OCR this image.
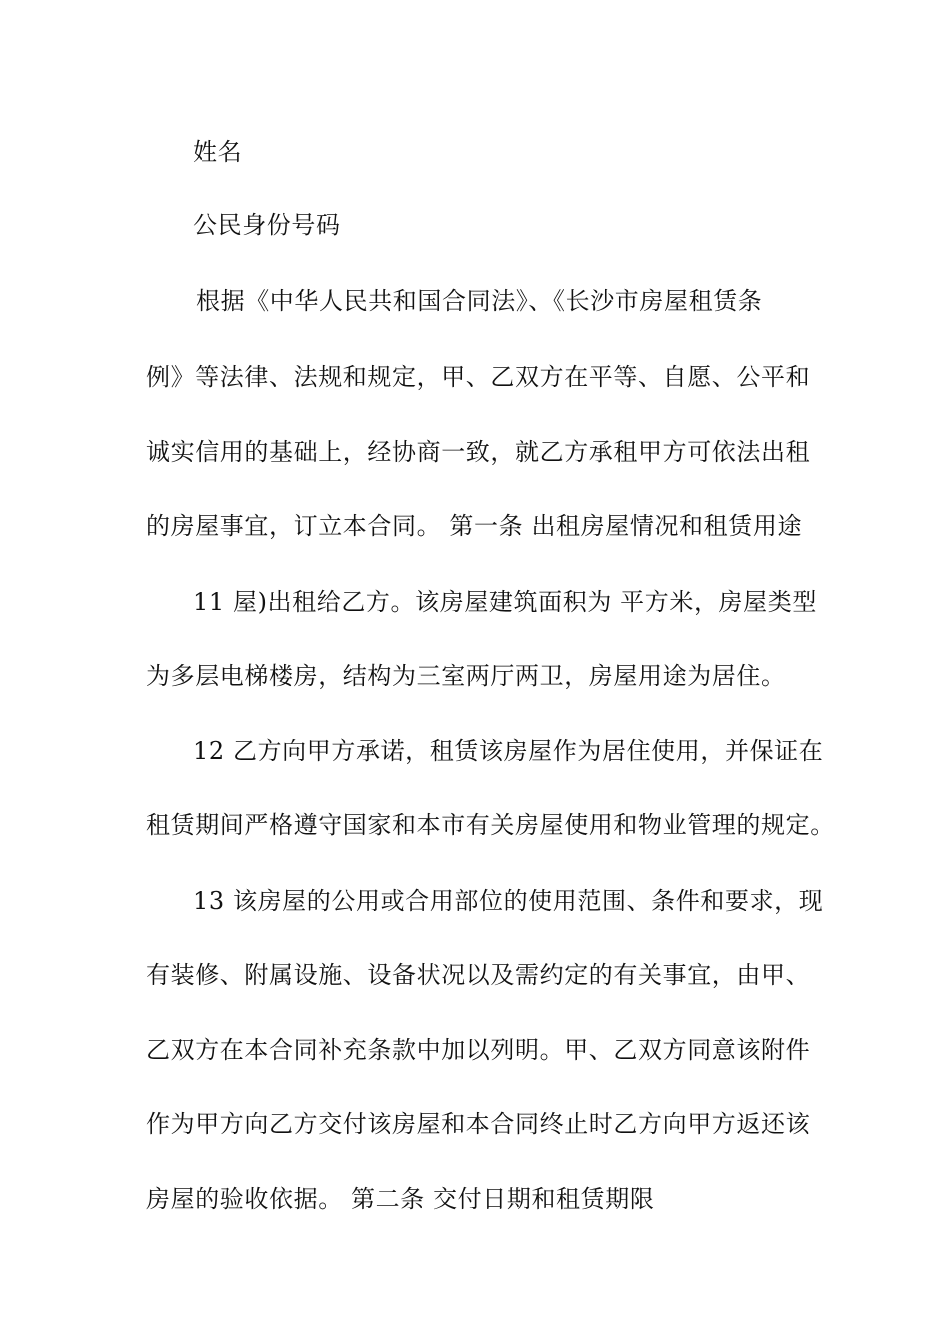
姓名
公民身份号码
根据《中华人民共和国合同法》、《长沙市房屋租赁条
例》等法律、法规和规定，甲、乙双方在平等、自愿、公平和
诚实信用的基础上，经协商一致，就乙方承租甲方可依法出租
的房屋事宜，订立本合同。 第一条 出租房屋情况和租赁用途
11 屋)出租给乙方。该房屋建筑面积为 平方米，房屋类型
为多层电梯楼房，结构为三室两厅两卫，房屋用途为居住。
12 乙方向甲方承诺，租赁该房屋作为居住使用，并保证在
租赁期间严格遵守国家和本市有关房屋使用和物业管理的规定。
13 该房屋的公用或合用部位的使用范围、条件和要求，现
有装修、附属设施、设备状况以及需约定的有关事宜，由甲、
乙双方在本合同补充条款中加以列明。甲、乙双方同意该附件
作为甲方向乙方交付该房屋和本合同终止时乙方向甲方返还该
房屋的验收依据。 第二条 交付日期和租赁期限
